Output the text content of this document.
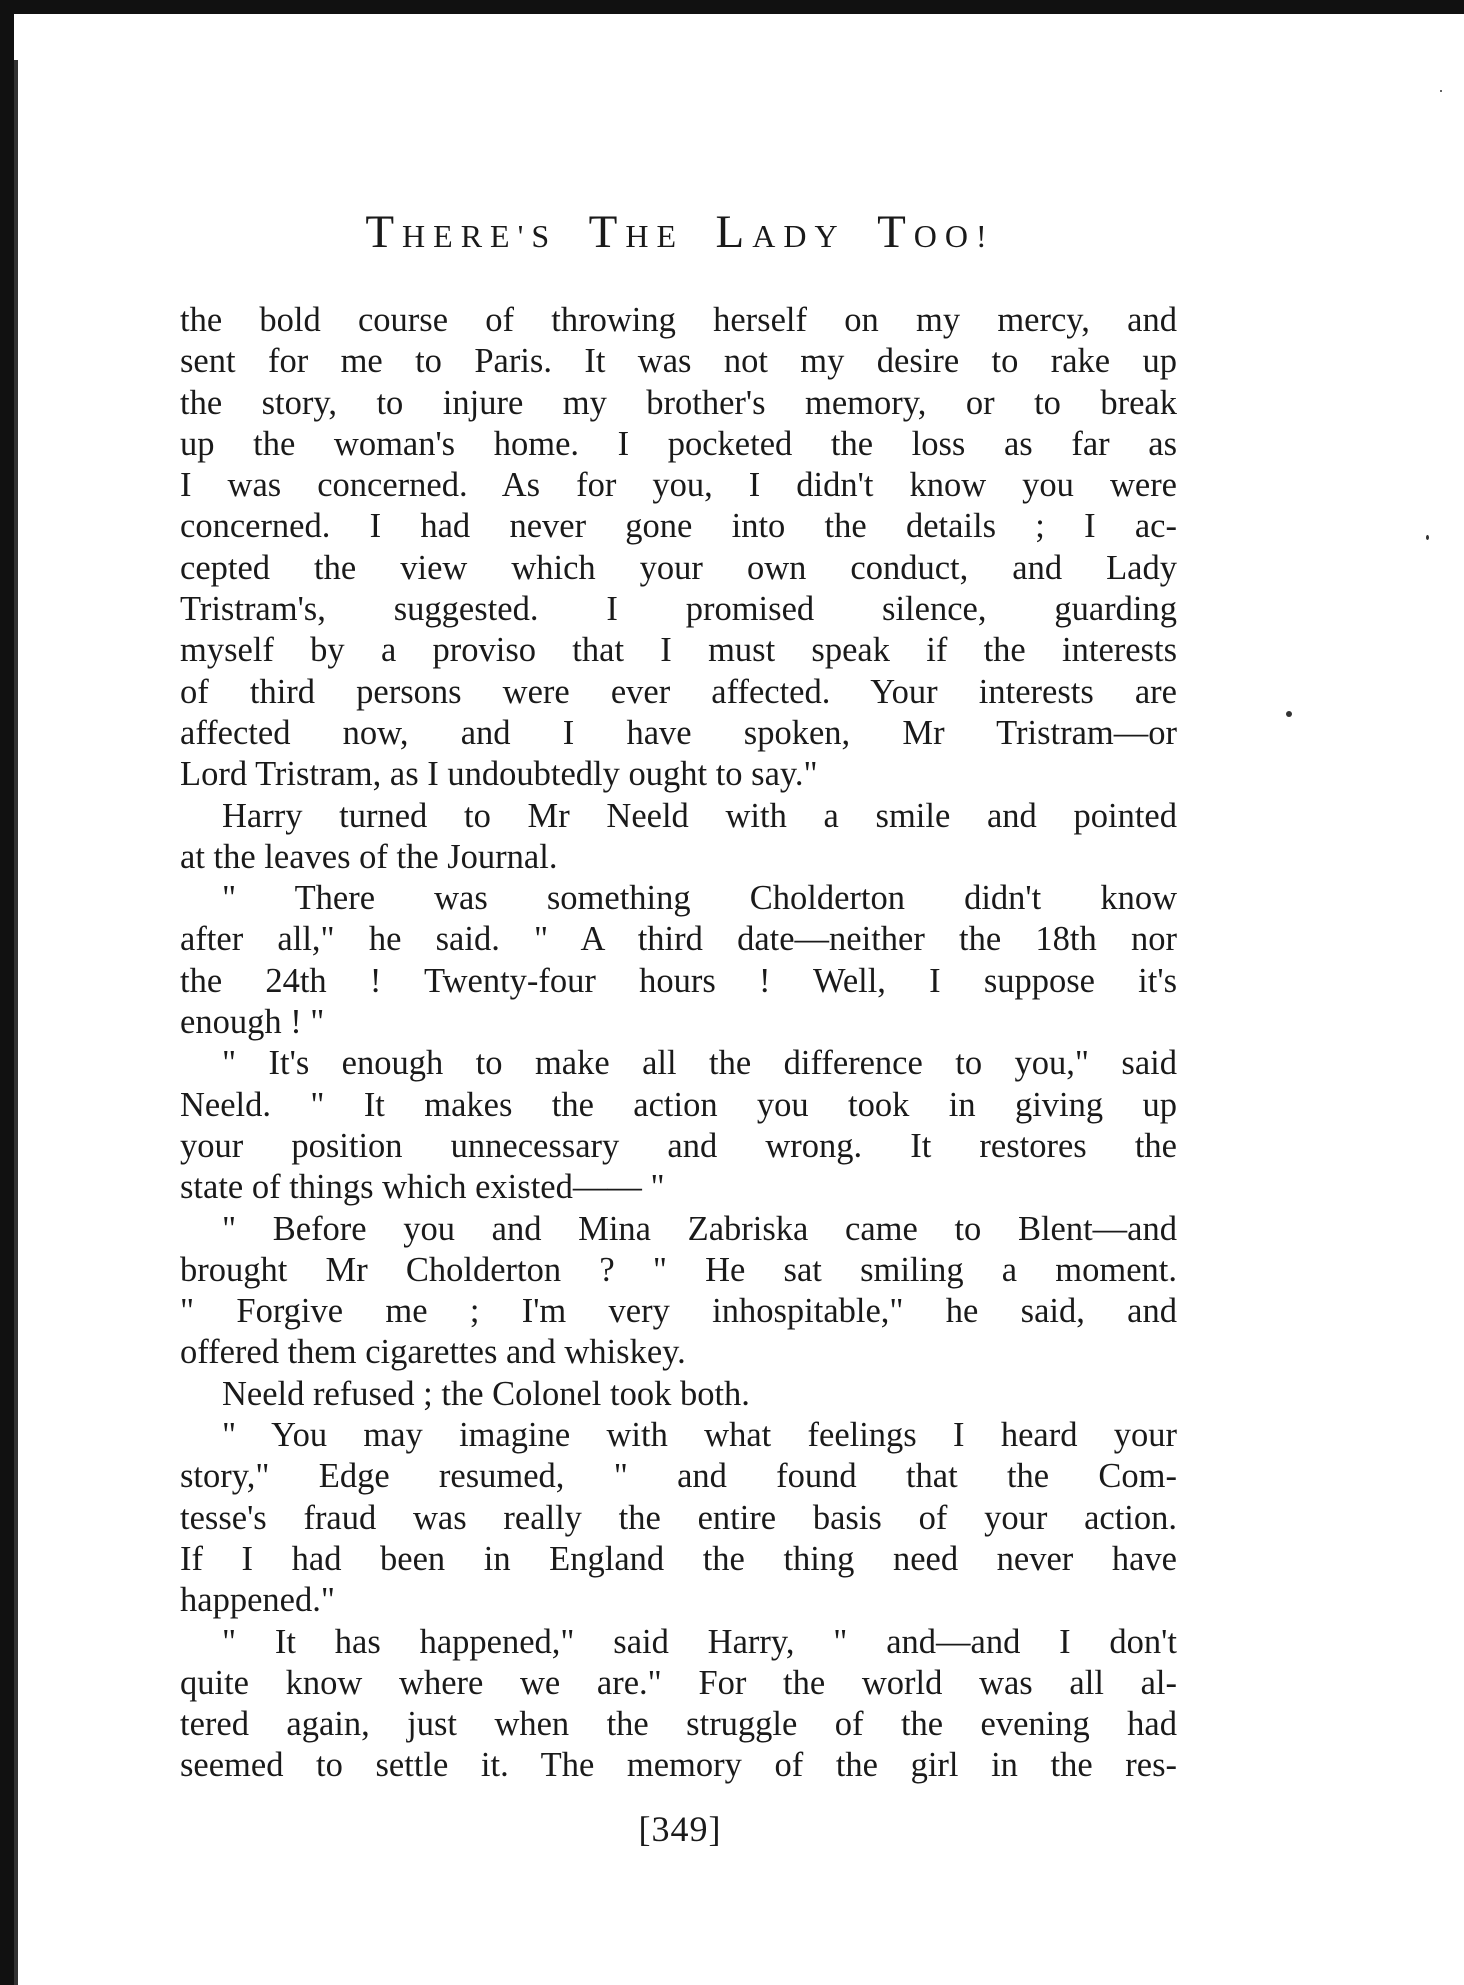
THERE'S  THE  LADY  TOO!
the bold course of throwing herself on my mercy, and
sent for me to Paris. It was not my desire to rake up
the story, to injure my brother's memory, or to break
up the woman's home. I pocketed the loss as far as
I was concerned. As for you, I didn't know you were
concerned. I had never gone into the details ; I ac-
cepted the view which your own conduct, and Lady
Tristram's, suggested. I promised silence, guarding
myself by a proviso that I must speak if the interests
of third persons were ever affected. Your interests are
affected now, and I have spoken, Mr Tristram—or
Lord Tristram, as I undoubtedly ought to say."
Harry turned to Mr Neeld with a smile and pointed
at the leaves of the Journal.
" There was something Cholderton didn't know
after all," he said. " A third date—neither the 18th nor
the 24th ! Twenty-four hours ! Well, I suppose it's
enough ! "
" It's enough to make all the difference to you," said
Neeld. " It makes the action you took in giving up
your position unnecessary and wrong. It restores the
state of things which existed—— "
" Before you and Mina Zabriska came to Blent—and
brought Mr Cholderton ? " He sat smiling a moment.
" Forgive me ; I'm very inhospitable," he said, and
offered them cigarettes and whiskey.
Neeld refused ; the Colonel took both.
" You may imagine with what feelings I heard your
story," Edge resumed, " and found that the Com-
tesse's fraud was really the entire basis of your action.
If I had been in England the thing need never have
happened."
" It has happened," said Harry, " and—and I don't
quite know where we are." For the world was all al-
tered again, just when the struggle of the evening had
seemed to settle it. The memory of the girl in the res-
[349]
